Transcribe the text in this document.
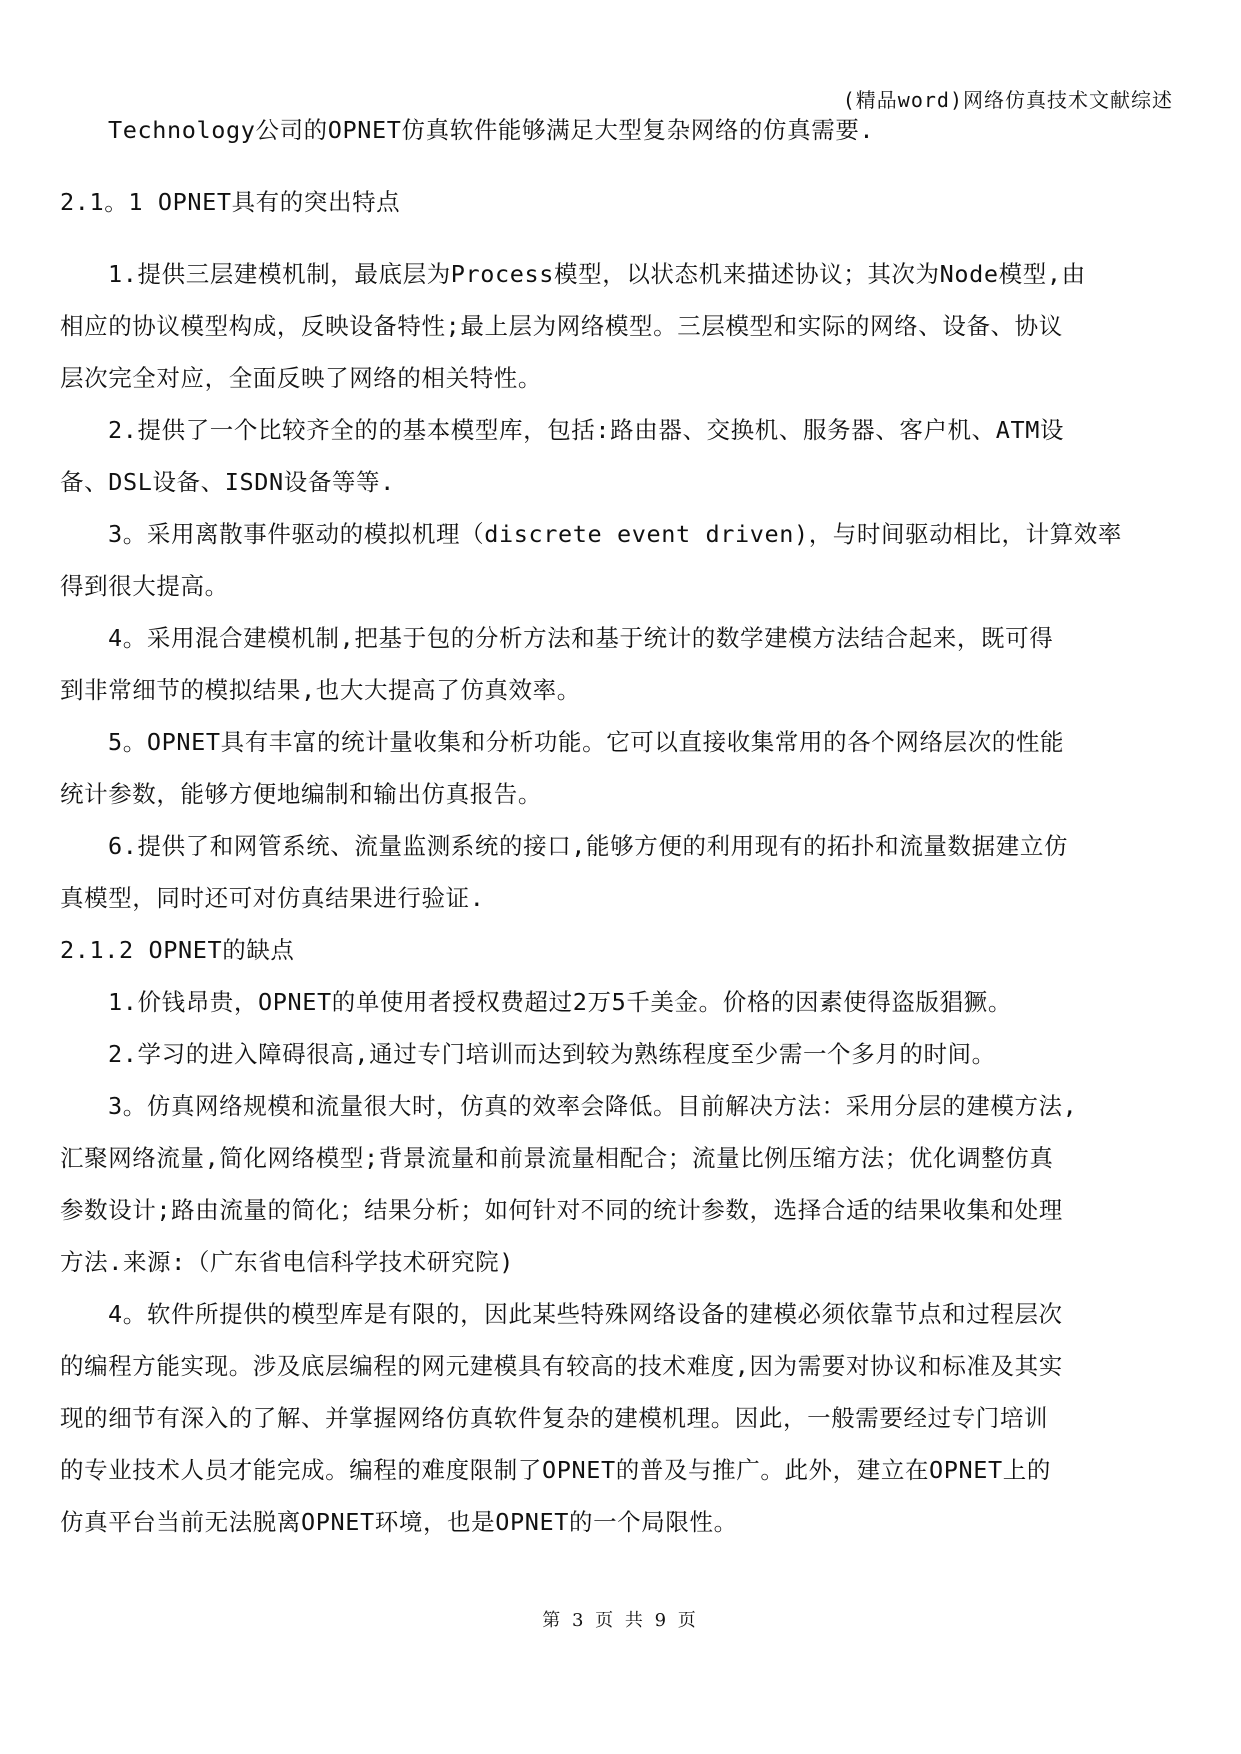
(精品word)网络仿真技术文献综述
Technology公司的OPNET仿真软件能够满足大型复杂网络的仿真需要.
2.1。1 OPNET具有的突出特点
1.提供三层建模机制，最底层为Process模型，以状态机来描述协议；其次为Node模型,由
相应的协议模型构成，反映设备特性;最上层为网络模型。三层模型和实际的网络、设备、协议
层次完全对应，全面反映了网络的相关特性。
2.提供了一个比较齐全的的基本模型库，包括:路由器、交换机、服务器、客户机、ATM设
备、DSL设备、ISDN设备等等.
3。采用离散事件驱动的模拟机理（discrete event driven)，与时间驱动相比，计算效率
得到很大提高。
4。采用混合建模机制,把基于包的分析方法和基于统计的数学建模方法结合起来，既可得
到非常细节的模拟结果,也大大提高了仿真效率。
5。OPNET具有丰富的统计量收集和分析功能。它可以直接收集常用的各个网络层次的性能
统计参数，能够方便地编制和输出仿真报告。
6.提供了和网管系统、流量监测系统的接口,能够方便的利用现有的拓扑和流量数据建立仿
真模型，同时还可对仿真结果进行验证.
2.1.2 OPNET的缺点
1.价钱昂贵，OPNET的单使用者授权费超过2万5千美金。价格的因素使得盗版猖獗。
2.学习的进入障碍很高,通过专门培训而达到较为熟练程度至少需一个多月的时间。
3。仿真网络规模和流量很大时，仿真的效率会降低。目前解决方法：采用分层的建模方法,
汇聚网络流量,简化网络模型;背景流量和前景流量相配合；流量比例压缩方法；优化调整仿真
参数设计;路由流量的简化；结果分析；如何针对不同的统计参数，选择合适的结果收集和处理
方法.来源:（广东省电信科学技术研究院)
4。软件所提供的模型库是有限的，因此某些特殊网络设备的建模必须依靠节点和过程层次
的编程方能实现。涉及底层编程的网元建模具有较高的技术难度,因为需要对协议和标准及其实
现的细节有深入的了解、并掌握网络仿真软件复杂的建模机理。因此，一般需要经过专门培训
的专业技术人员才能完成。编程的难度限制了OPNET的普及与推广。此外，建立在OPNET上的
仿真平台当前无法脱离OPNET环境，也是OPNET的一个局限性。
第 3 页 共 9 页
